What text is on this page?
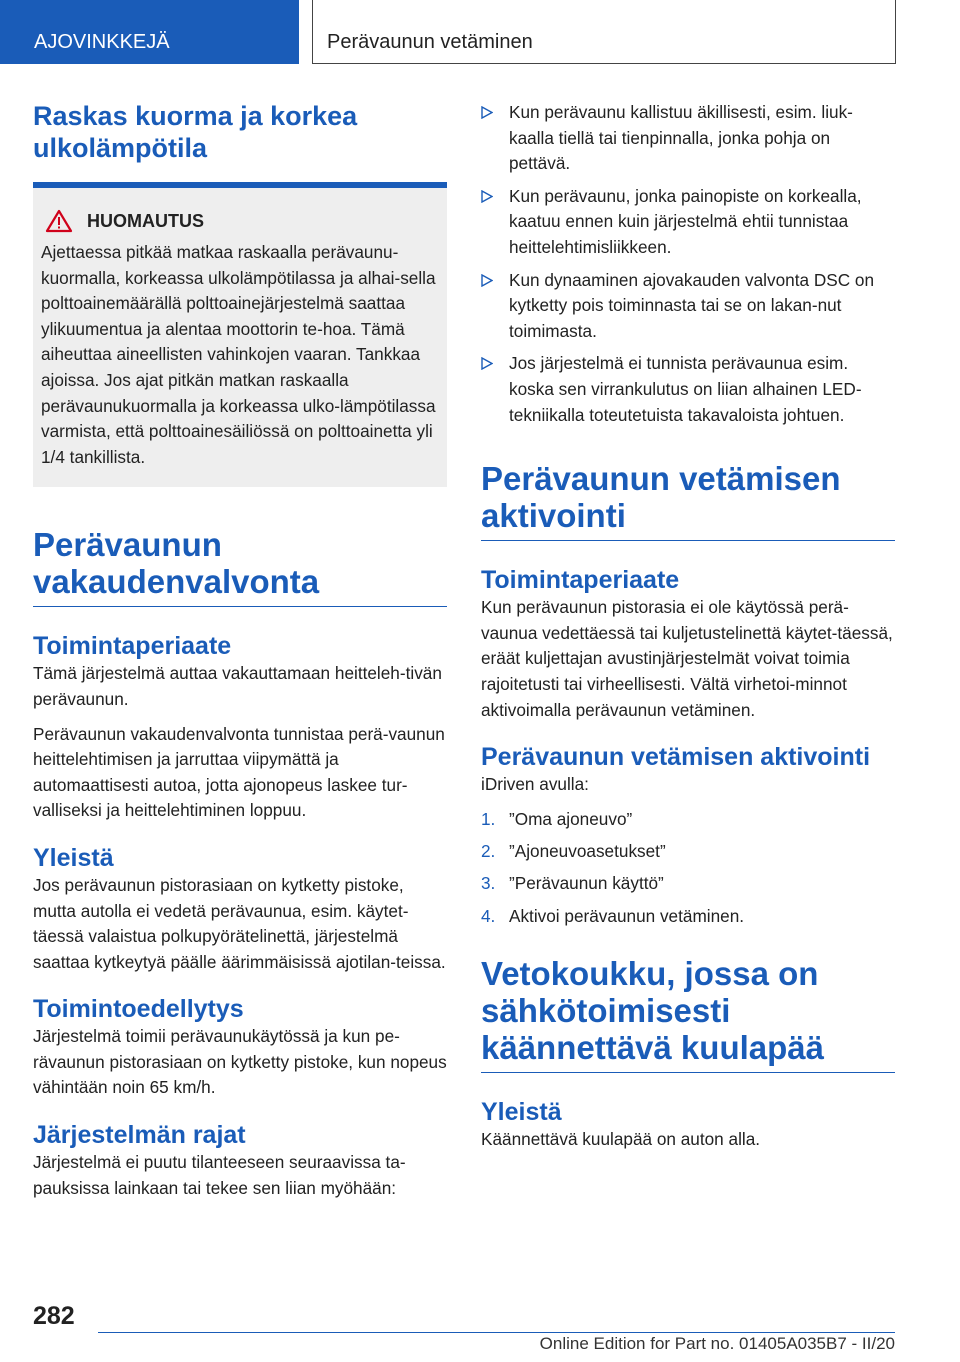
AJOVINKKEJÄ	Perävaunun vetäminen
Raskas kuorma ja korkea ulkolämpötila
HUOMAUTUS

Ajettaessa pitkää matkaa raskaalla perävaunu-kuormalla, korkeassa ulkolämpötilassa ja alhai-sella polttoainemäärällä polttoainejärjestelmä saattaa ylikuumentua ja alentaa moottorin te-hoa. Tämä aiheuttaa aineellisten vahinkojen vaaran. Tankkaa ajoissa. Jos ajat pitkän matkan raskaalla perävaunukuormalla ja korkeassa ulko-lämpötilassa varmista, että polttoainesäiliössä on polttoainetta yli 1/4 tankillista.

Perävaunun vakaudenvalvonta
Toimintaperiaate

Tämä järjestelmä auttaa vakauttamaan heitteleh-tivän perävaunun.

Perävaunun vakaudenvalvonta tunnistaa perä-vaunun heittelehtimisen ja jarruttaa viipymättä ja automaattisesti autoa, jotta ajonopeus laskee tur-valliseksi ja heittelehtiminen loppuu.

Yleistä

Jos perävaunun pistorasiaan on kytketty pistoke, mutta autolla ei vedetä perävaunua, esim. käytet-täessä valaistua polkupyörätelinettä, järjestelmä saattaa kytkeytyä päälle äärimmäisissä ajotilan-teissa.

Toimintoedellytys

Järjestelmä toimii perävaunukäytössä ja kun pe-rävaunun pistorasiaan on kytketty pistoke, kun nopeus vähintään noin 65 km/h.

Järjestelmän rajat

Järjestelmä ei puutu tilanteeseen seuraavissa ta-pauksissa lainkaan tai tekee sen liian myöhään:

Kun perävaunu kallistuu äkillisesti, esim. liuk-kaalla tiellä tai tienpinnalla, jonka pohja on pettävä.
Kun perävaunu, jonka painopiste on korkealla, kaatuu ennen kuin järjestelmä ehtii tunnistaa heittelehtimisliikkeen.
Kun dynaaminen ajovakauden valvonta DSC on kytketty pois toiminnasta tai se on lakan-nut toimimasta.
Jos järjestelmä ei tunnista perävaunua esim. koska sen virrankulutus on liian alhainen LED-tekniikalla toteutetuista takavaloista johtuen.
Perävaunun vetämisen aktivointi
Toimintaperiaate

Kun perävaunun pistorasia ei ole käytössä perä-vaunua vedettäessä tai kuljetustelinettä käytet-täessä, eräät kuljettajan avustinjärjestelmät voivat toimia rajoitetusti tai virheellisesti. Vältä virhetoi-minnot aktivoimalla perävaunun vetäminen.

Perävaunun vetämisen aktivointi

iDriven avulla:

1. ”Oma ajoneuvo”
2. ”Ajoneuvoasetukset”
3. ”Perävaunun käyttö”
4. Aktivoi perävaunun vetäminen.
Vetokoukku, jossa on sähkötoimisesti käännettävä kuulapää
Yleistä

Käännettävä kuulapää on auton alla.

282
Online Edition for Part no. 01405A035B7 - II/20
